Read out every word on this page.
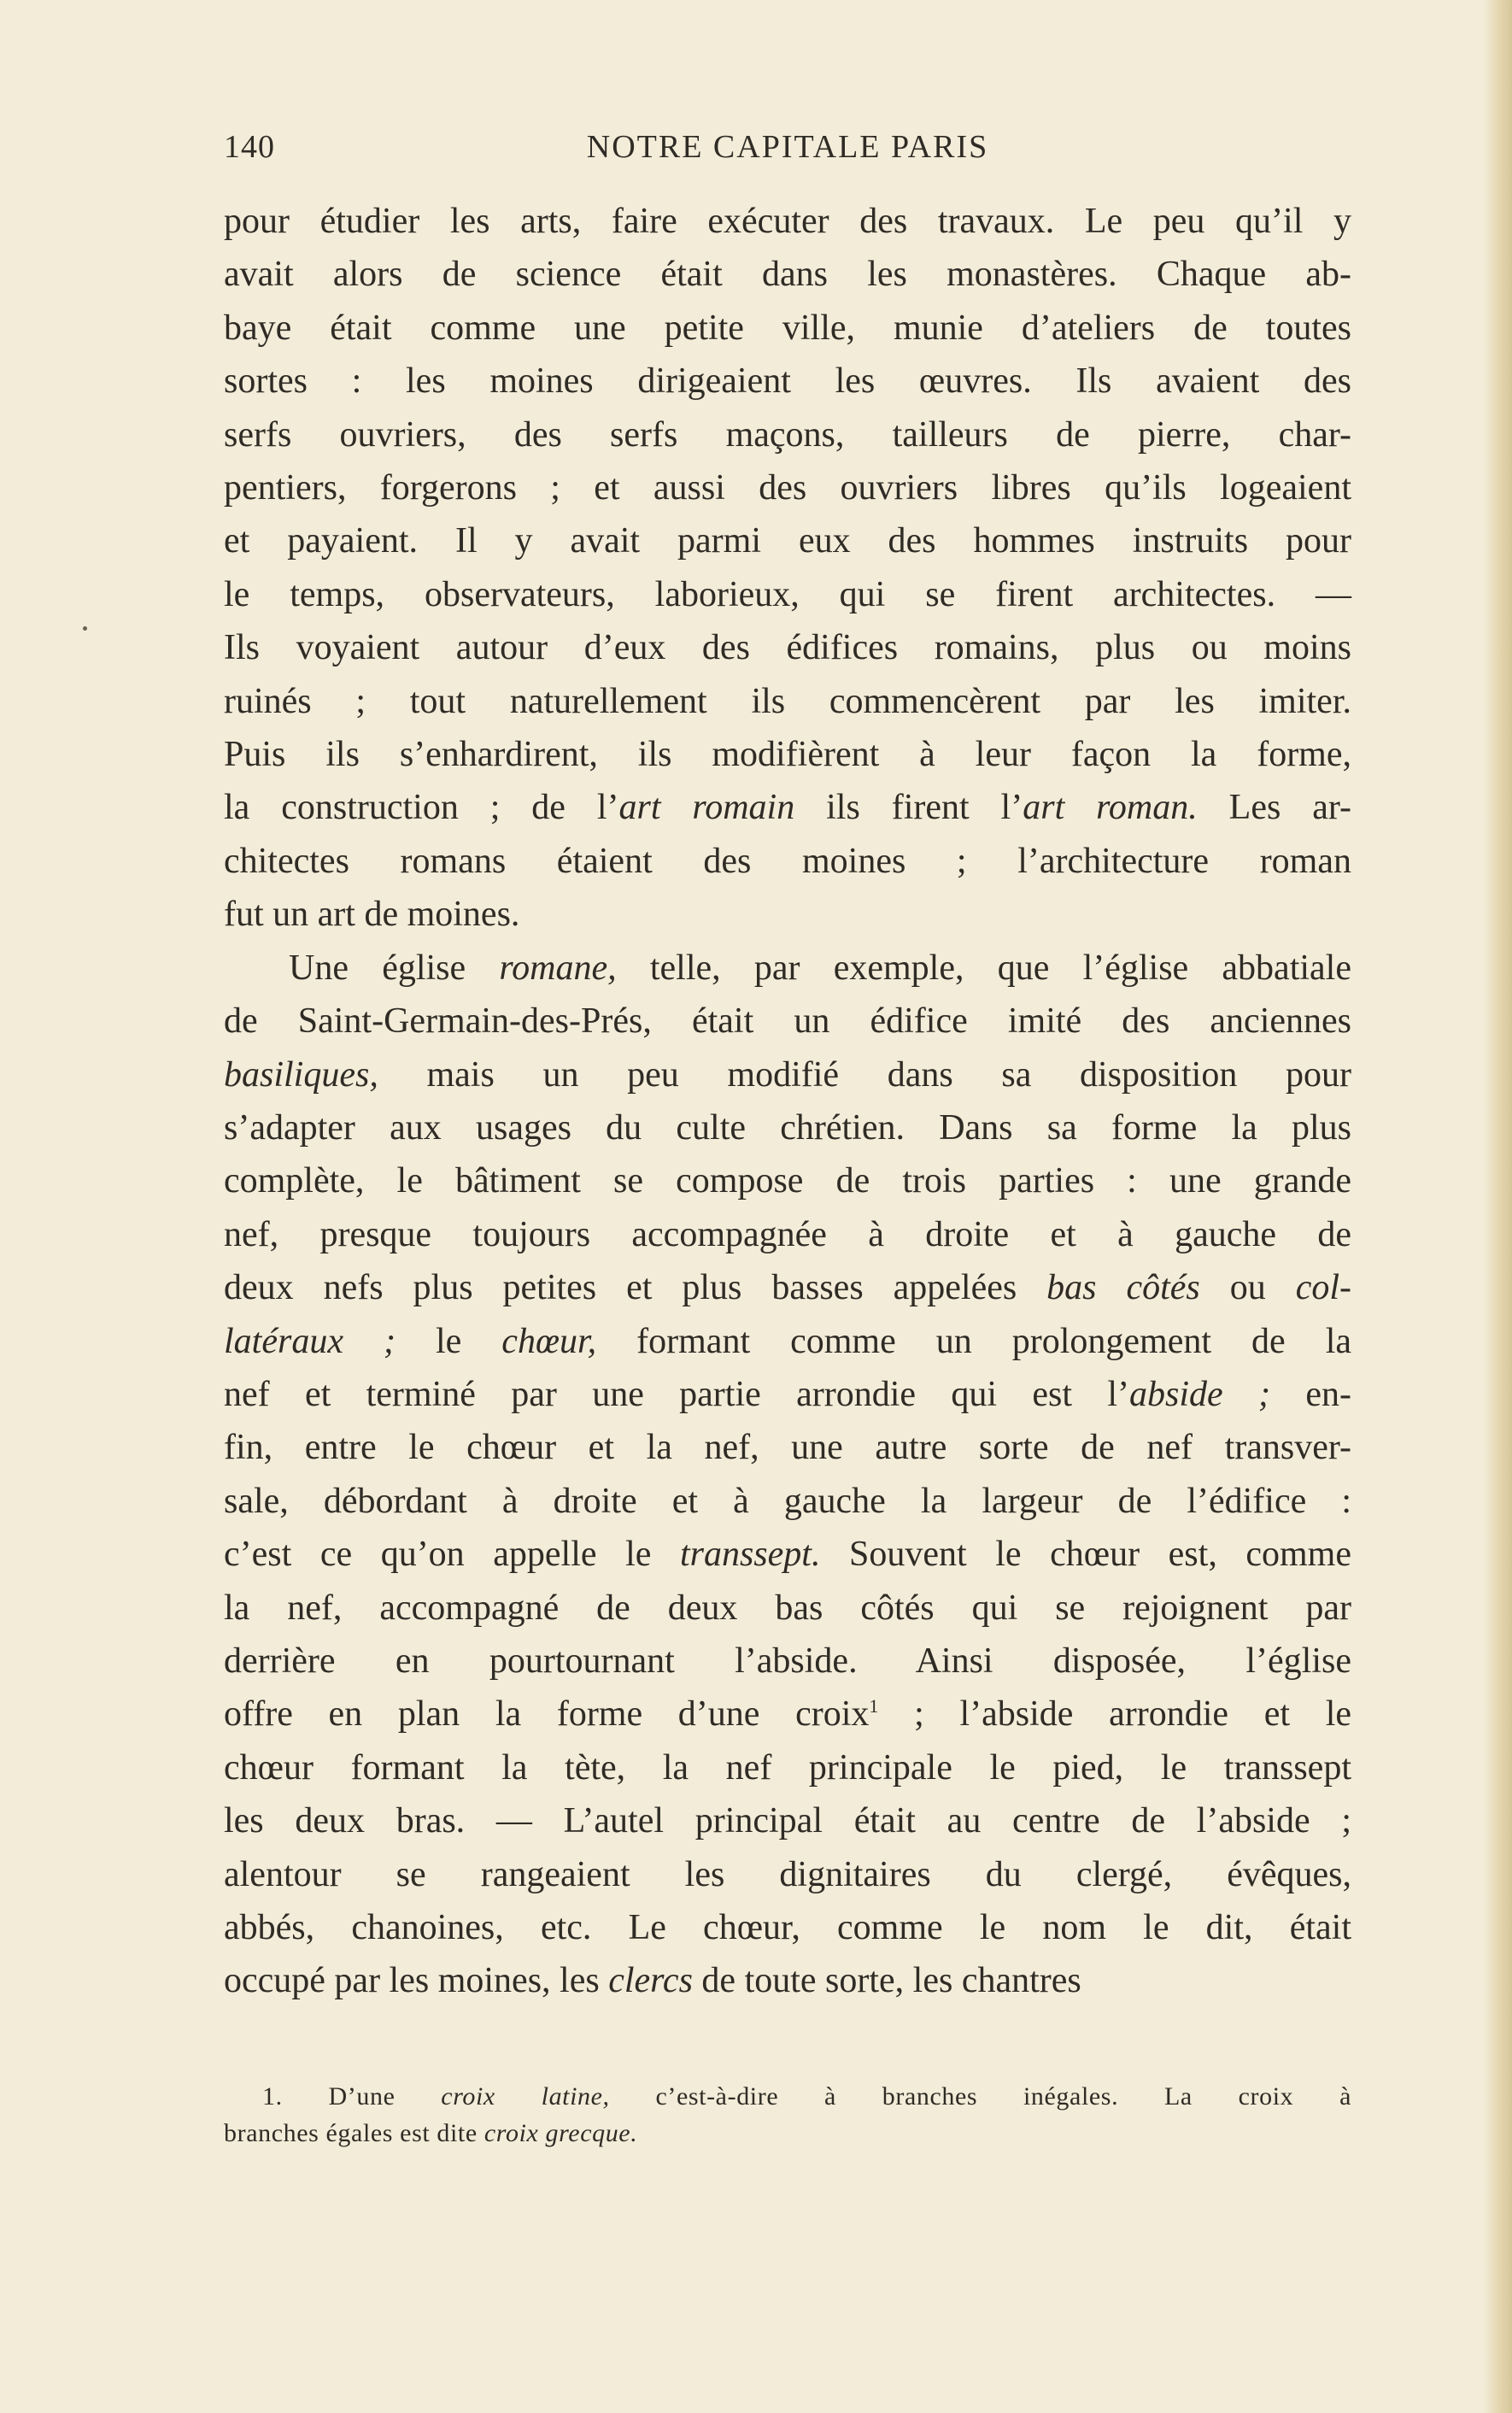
140	NOTRE CAPITALE PARIS
pour étudier les arts, faire exécuter des travaux. Le peu qu’il y
avait alors de science était dans les monastères. Chaque ab-
baye était comme une petite ville, munie d’ateliers de toutes
sortes : les moines dirigeaient les œuvres. Ils avaient des
serfs ouvriers, des serfs maçons, tailleurs de pierre, char-
pentiers, forgerons ; et aussi des ouvriers libres qu’ils logeaient
et payaient. Il y avait parmi eux des hommes instruits pour
le temps, observateurs, laborieux, qui se firent architectes. —
Ils voyaient autour d’eux des édifices romains, plus ou moins
ruinés ; tout naturellement ils commencèrent par les imiter.
Puis ils s’enhardirent, ils modifièrent à leur façon la forme,
la construction ; de l’art romain ils firent l’art roman. Les ar-
chitectes romans étaient des moines ; l’architecture roman
fut un art de moines.
Une église romane, telle, par exemple, que l’église abbatiale
de Saint-Germain-des-Prés, était un édifice imité des anciennes
basiliques, mais un peu modifié dans sa disposition pour
s’adapter aux usages du culte chrétien. Dans sa forme la plus
complète, le bâtiment se compose de trois parties : une grande
nef, presque toujours accompagnée à droite et à gauche de
deux nefs plus petites et plus basses appelées bas côtés ou col-
latéraux ; le chœur, formant comme un prolongement de la
nef et terminé par une partie arrondie qui est l’abside ; en-
fin, entre le chœur et la nef, une autre sorte de nef transver-
sale, débordant à droite et à gauche la largeur de l’édifice :
c’est ce qu’on appelle le transsept. Souvent le chœur est, comme
la nef, accompagné de deux bas côtés qui se rejoignent par
derrière en pourtournant l’abside. Ainsi disposée, l’église
offre en plan la forme d’une croix$^1$ ; l’abside arrondie et le
chœur formant la tète, la nef principale le pied, le transsept
les deux bras. — L’autel principal était au centre de l’abside ;
alentour se rangeaient les dignitaires du clergé, évêques,
abbés, chanoines, etc. Le chœur, comme le nom le dit, était
occupé par les moines, les clercs de toute sorte, les chantres
1. D’une croix latine, c’est-à-dire à branches inégales. La croix à
branches égales est dite croix grecque.
